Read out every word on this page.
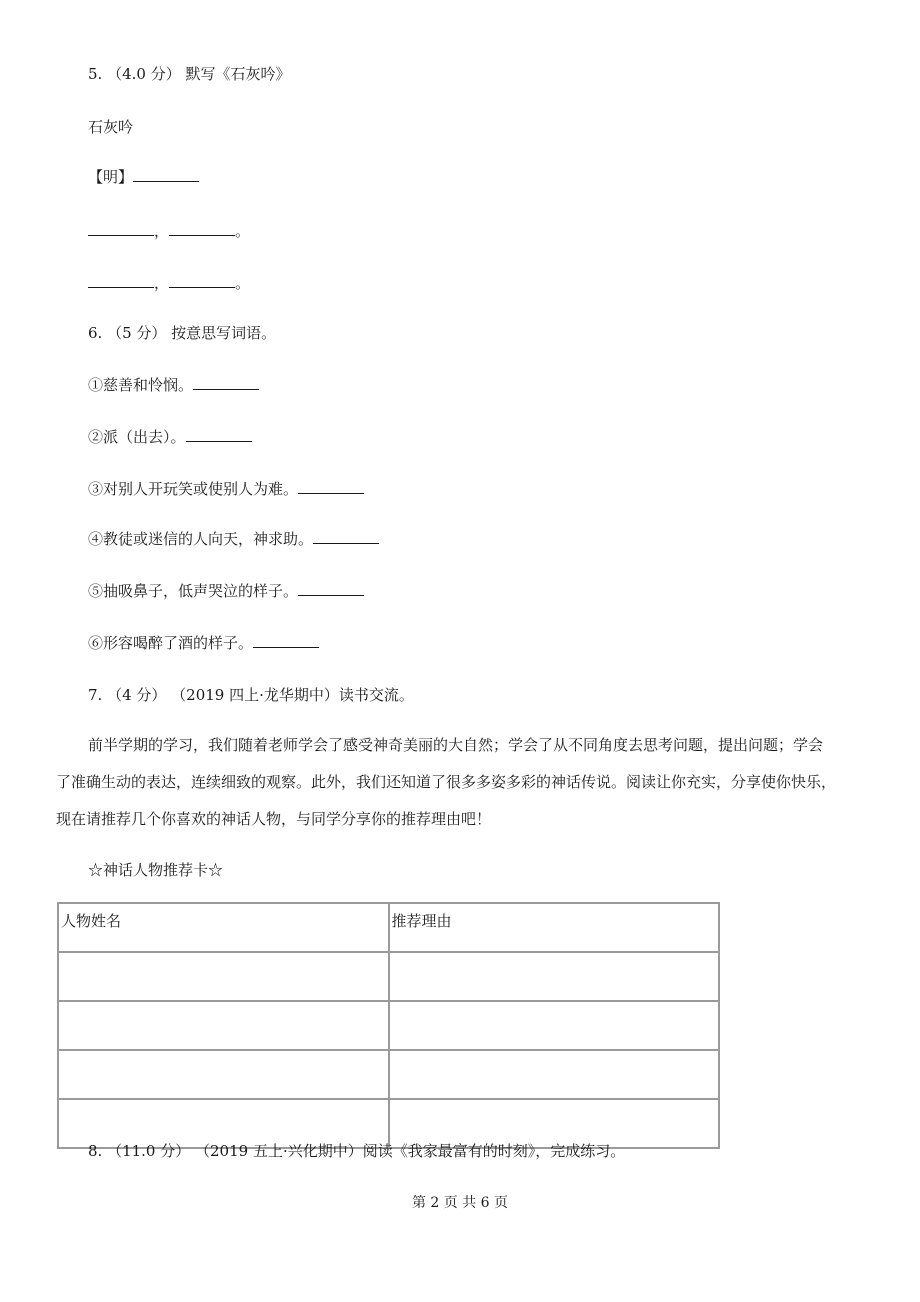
5. （4.0 分） 默写《石灰吟》
石灰吟
【明】
，	。
，	。
6. （5 分） 按意思写词语。
①慈善和怜悯。
②派（出去）。
③对别人开玩笑或使别人为难。
④教徒或迷信的人向天，神求助。
⑤抽吸鼻子，低声哭泣的样子。
⑥形容喝醉了酒的样子。
7. （4 分） （2019 四上·龙华期中）读书交流。
前半学期的学习，我们随着老师学会了感受神奇美丽的大自然；学会了从不同角度去思考问题，提出问题；学会了准确生动的表达，连续细致的观察。此外，我们还知道了很多多姿多彩的神话传说。阅读让你充实，分享使你快乐，现在请推荐几个你喜欢的神话人物，与同学分享你的推荐理由吧！
☆神话人物推荐卡☆
人物姓名	推荐理由

8. （11.0 分） （2019 五上·兴化期中）阅读《我家最富有的时刻》，完成练习。
第 2 页 共 6 页
